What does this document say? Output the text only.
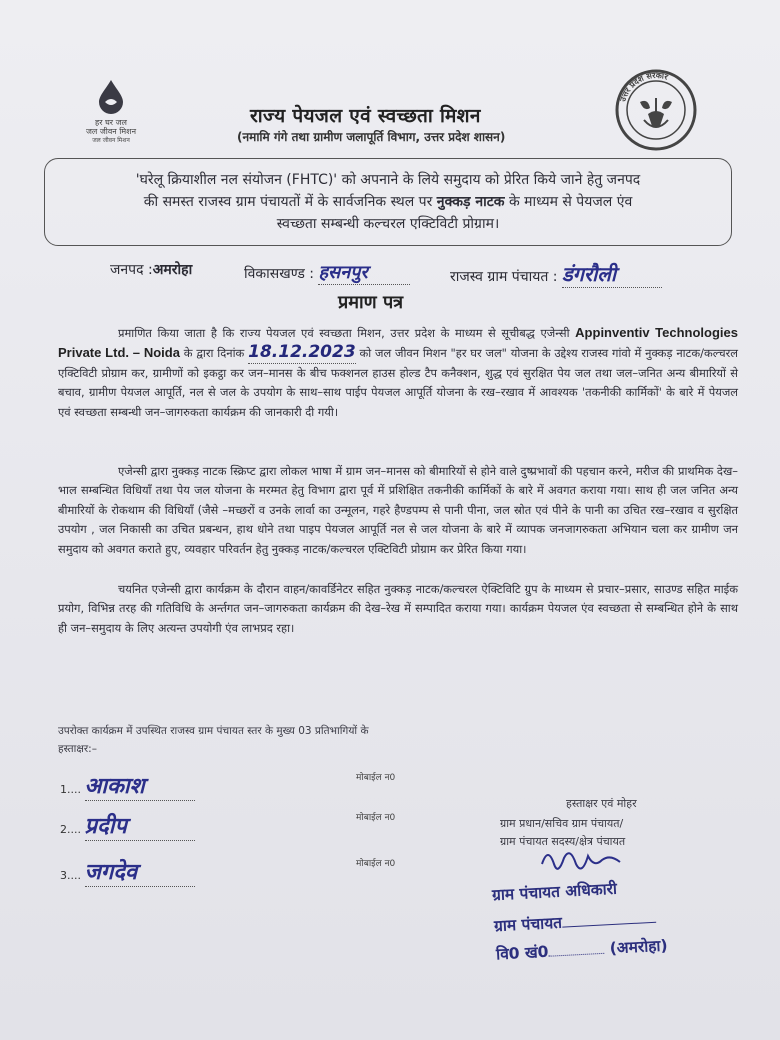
हर घर जल
जल जीवन मिशन
जल जीवन मिशन
राज्य पेयजल एवं स्वच्छता मिशन
(नमामि गंगे तथा ग्रामीण जलापूर्ति विभाग, उत्तर प्रदेश शासन)
उत्तर प्रदेश सरकार
'घरेलू क्रियाशील नल संयोजन (FHTC)' को अपनाने के लिये समुदाय को प्रेरित किये जाने हेतु जनपद
की समस्त राजस्व ग्राम पंचायतों में के सार्वजनिक स्थल पर नुक्कड़ नाटक के माध्यम से पेयजल एंव
स्वच्छता सम्बन्धी कल्चरल एक्टिविटी प्रोग्राम।
जनपद :अमरोहा	विकासखण्ड : हसनपुर	राजस्व ग्राम पंचायत : डंगरौली
प्रमाण पत्र
प्रमाणित किया जाता है कि राज्य पेयजल एवं स्वच्छता मिशन, उत्तर प्रदेश के माध्यम से सूचीबद्ध एजेन्सी Appinventiv Technologies Private Ltd. – Noida के द्वारा दिनांक 18.12.2023 को जल जीवन मिशन "हर घर जल" योजना के उद्देश्य राजस्व गांवो में नुक्कड़ नाटक/कल्चरल एक्टिविटी प्रोग्राम कर, ग्रामीणों को इकट्ठा कर जन–मानस के बीच फक्शनल हाउस होल्ड टैप कनैक्शन, शुद्ध एवं सुरक्षित पेय जल तथा जल–जनित अन्य बीमारियों से बचाव, ग्रामीण पेयजल आपूर्ति, नल से जल के उपयोग के साथ–साथ पाईप पेयजल आपूर्ति योजना के रख–रखाव में आवश्यक 'तकनीकी कार्मिकों' के बारे में पेयजल एवं स्वच्छता सम्बन्धी जन–जागरुकता कार्यक्रम की जानकारी दी गयी।
एजेन्सी द्वारा नुक्कड़ नाटक स्क्रिप्ट द्वारा लोकल भाषा में ग्राम जन–मानस को बीमारियों से होने वाले दुष्प्रभावों की पहचान करने, मरीज की प्राथमिक देख–भाल सम्बन्धित विधियाँ तथा पेय जल योजना के मरम्मत हेतु विभाग द्वारा पूर्व में प्रशिक्षित तकनीकी कार्मिकों के बारे में अवगत कराया गया। साथ ही जल जनित अन्य बीमारियों के रोकथाम की विधियाँ (जैसे –मच्छरों व उनके लार्वा का उन्मूलन, गहरे हैण्डपम्प से पानी पीना, जल स्रोत एवं पीने के पानी का उचित रख–रखाव व सुरक्षित उपयोग , जल निकासी का उचित प्रबन्धन, हाथ धोने तथा पाइप पेयजल आपूर्ति नल से जल योजना के बारे में व्यापक जनजागरुकता अभियान चला कर ग्रामीण जन समुदाय को अवगत कराते हुए, व्यवहार परिवर्तन हेतु नुक्कड़ नाटक/कल्चरल एक्टिविटी प्रोग्राम कर प्रेरित किया गया।
चयनित एजेन्सी द्वारा कार्यक्रम के दौरान वाहन/कावर्डिनेटर सहित नुक्कड़ नाटक/कल्चरल ऐक्टिविटि ग्रुप के माध्यम से प्रचार–प्रसार, साउण्ड सहित माईक प्रयोग, विभिन्न तरह की गतिविधि के अर्न्तगत जन–जागरुकता कार्यक्रम की देख–रेख में सम्पादित कराया गया। कार्यक्रम पेयजल एंव स्वच्छता से सम्बन्धित होने के साथ ही जन–समुदाय के लिए अत्यन्त उपयोगी एंव लाभप्रद रहा।
उपरोक्त कार्यक्रम में उपस्थित राजस्व ग्राम पंचायत स्तर के मुख्य 03 प्रतिभागियों के
हस्ताक्षर:–
1.... आकाश	मोबाईल न0
2.... प्रदीप	मोबाईल न0
3.... जगदेव	मोबाईल न0
हस्ताक्षर एवं मोहर
ग्राम प्रधान/सचिव ग्राम पंचायत/
ग्राम पंचायत सदस्य/क्षेत्र पंचायत
ग्राम पंचायत अधिकारी
ग्राम पंचायत
वि0 खं0	(अमरोहा)
